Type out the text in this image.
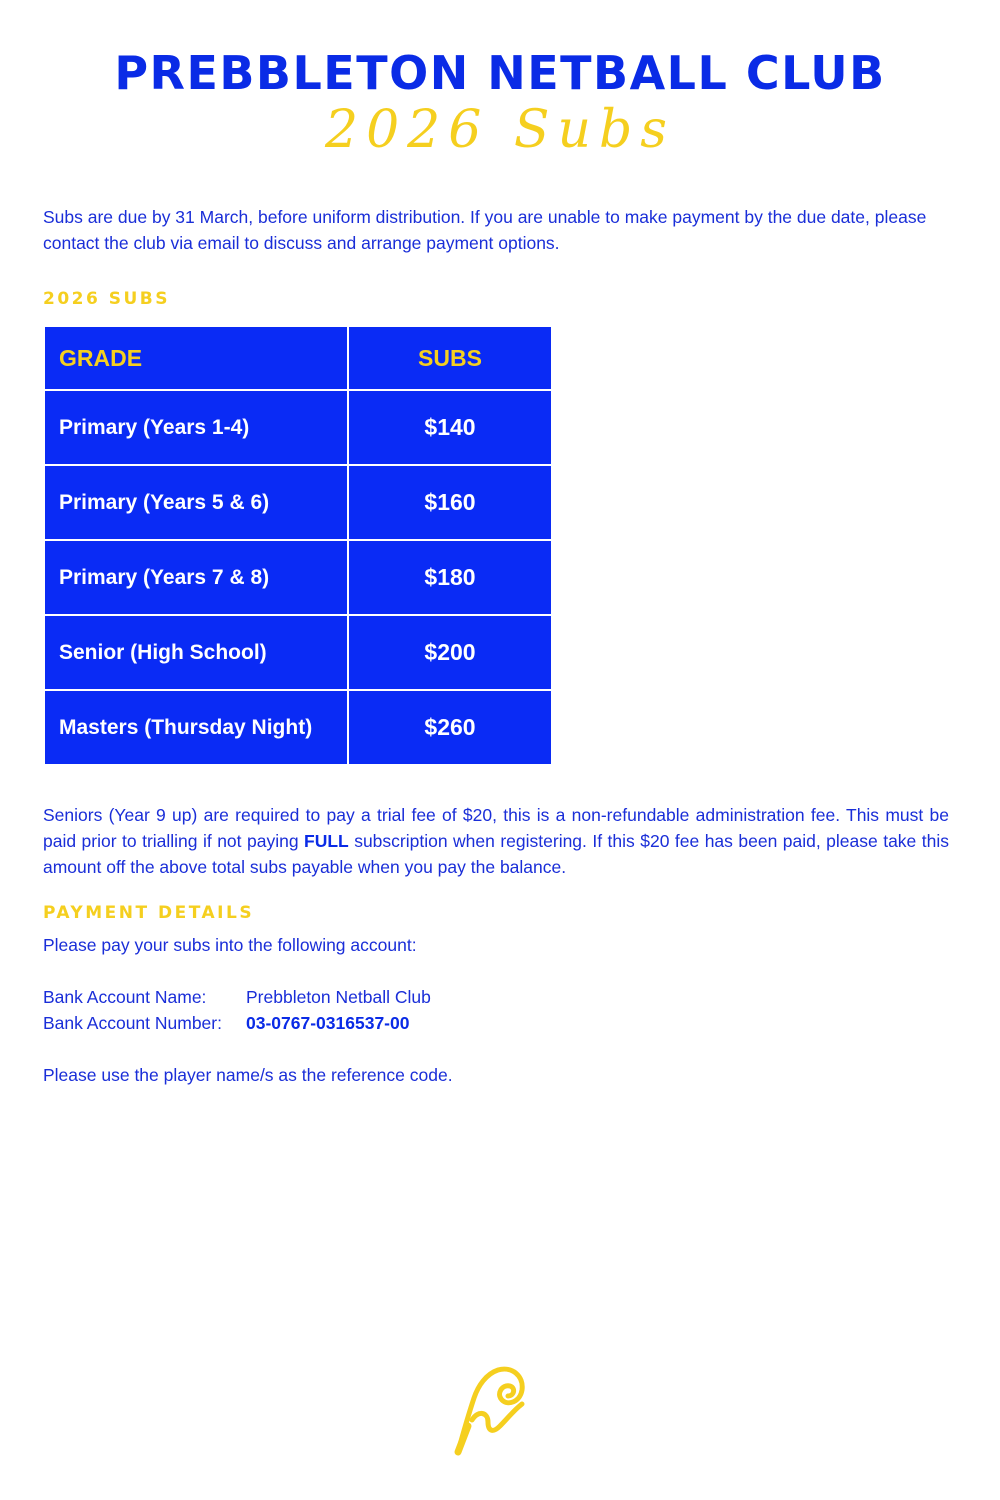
PREBBLETON NETBALL CLUB
2026 Subs
Subs are due by 31 March, before uniform distribution. If you are unable to make payment by the due date, please contact the club via email to discuss and arrange payment options.
2026 SUBS
GRADE	SUBS
Primary (Years 1-4)	$140
Primary (Years 5 & 6)	$160
Primary (Years 7 & 8)	$180
Senior (High School)	$200
Masters (Thursday Night)	$260
Seniors (Year 9 up) are required to pay a trial fee of $20, this is a non-refundable administration fee. This must be paid prior to trialling if not paying FULL subscription when registering. If this $20 fee has been paid, please take this amount off the above total subs payable when you pay the balance.
PAYMENT DETAILS
Please pay your subs into the following account:
Bank Account Name:	Prebbleton Netball Club
Bank Account Number:	03-0767-0316537-00
Please use the player name/s as the reference code.
